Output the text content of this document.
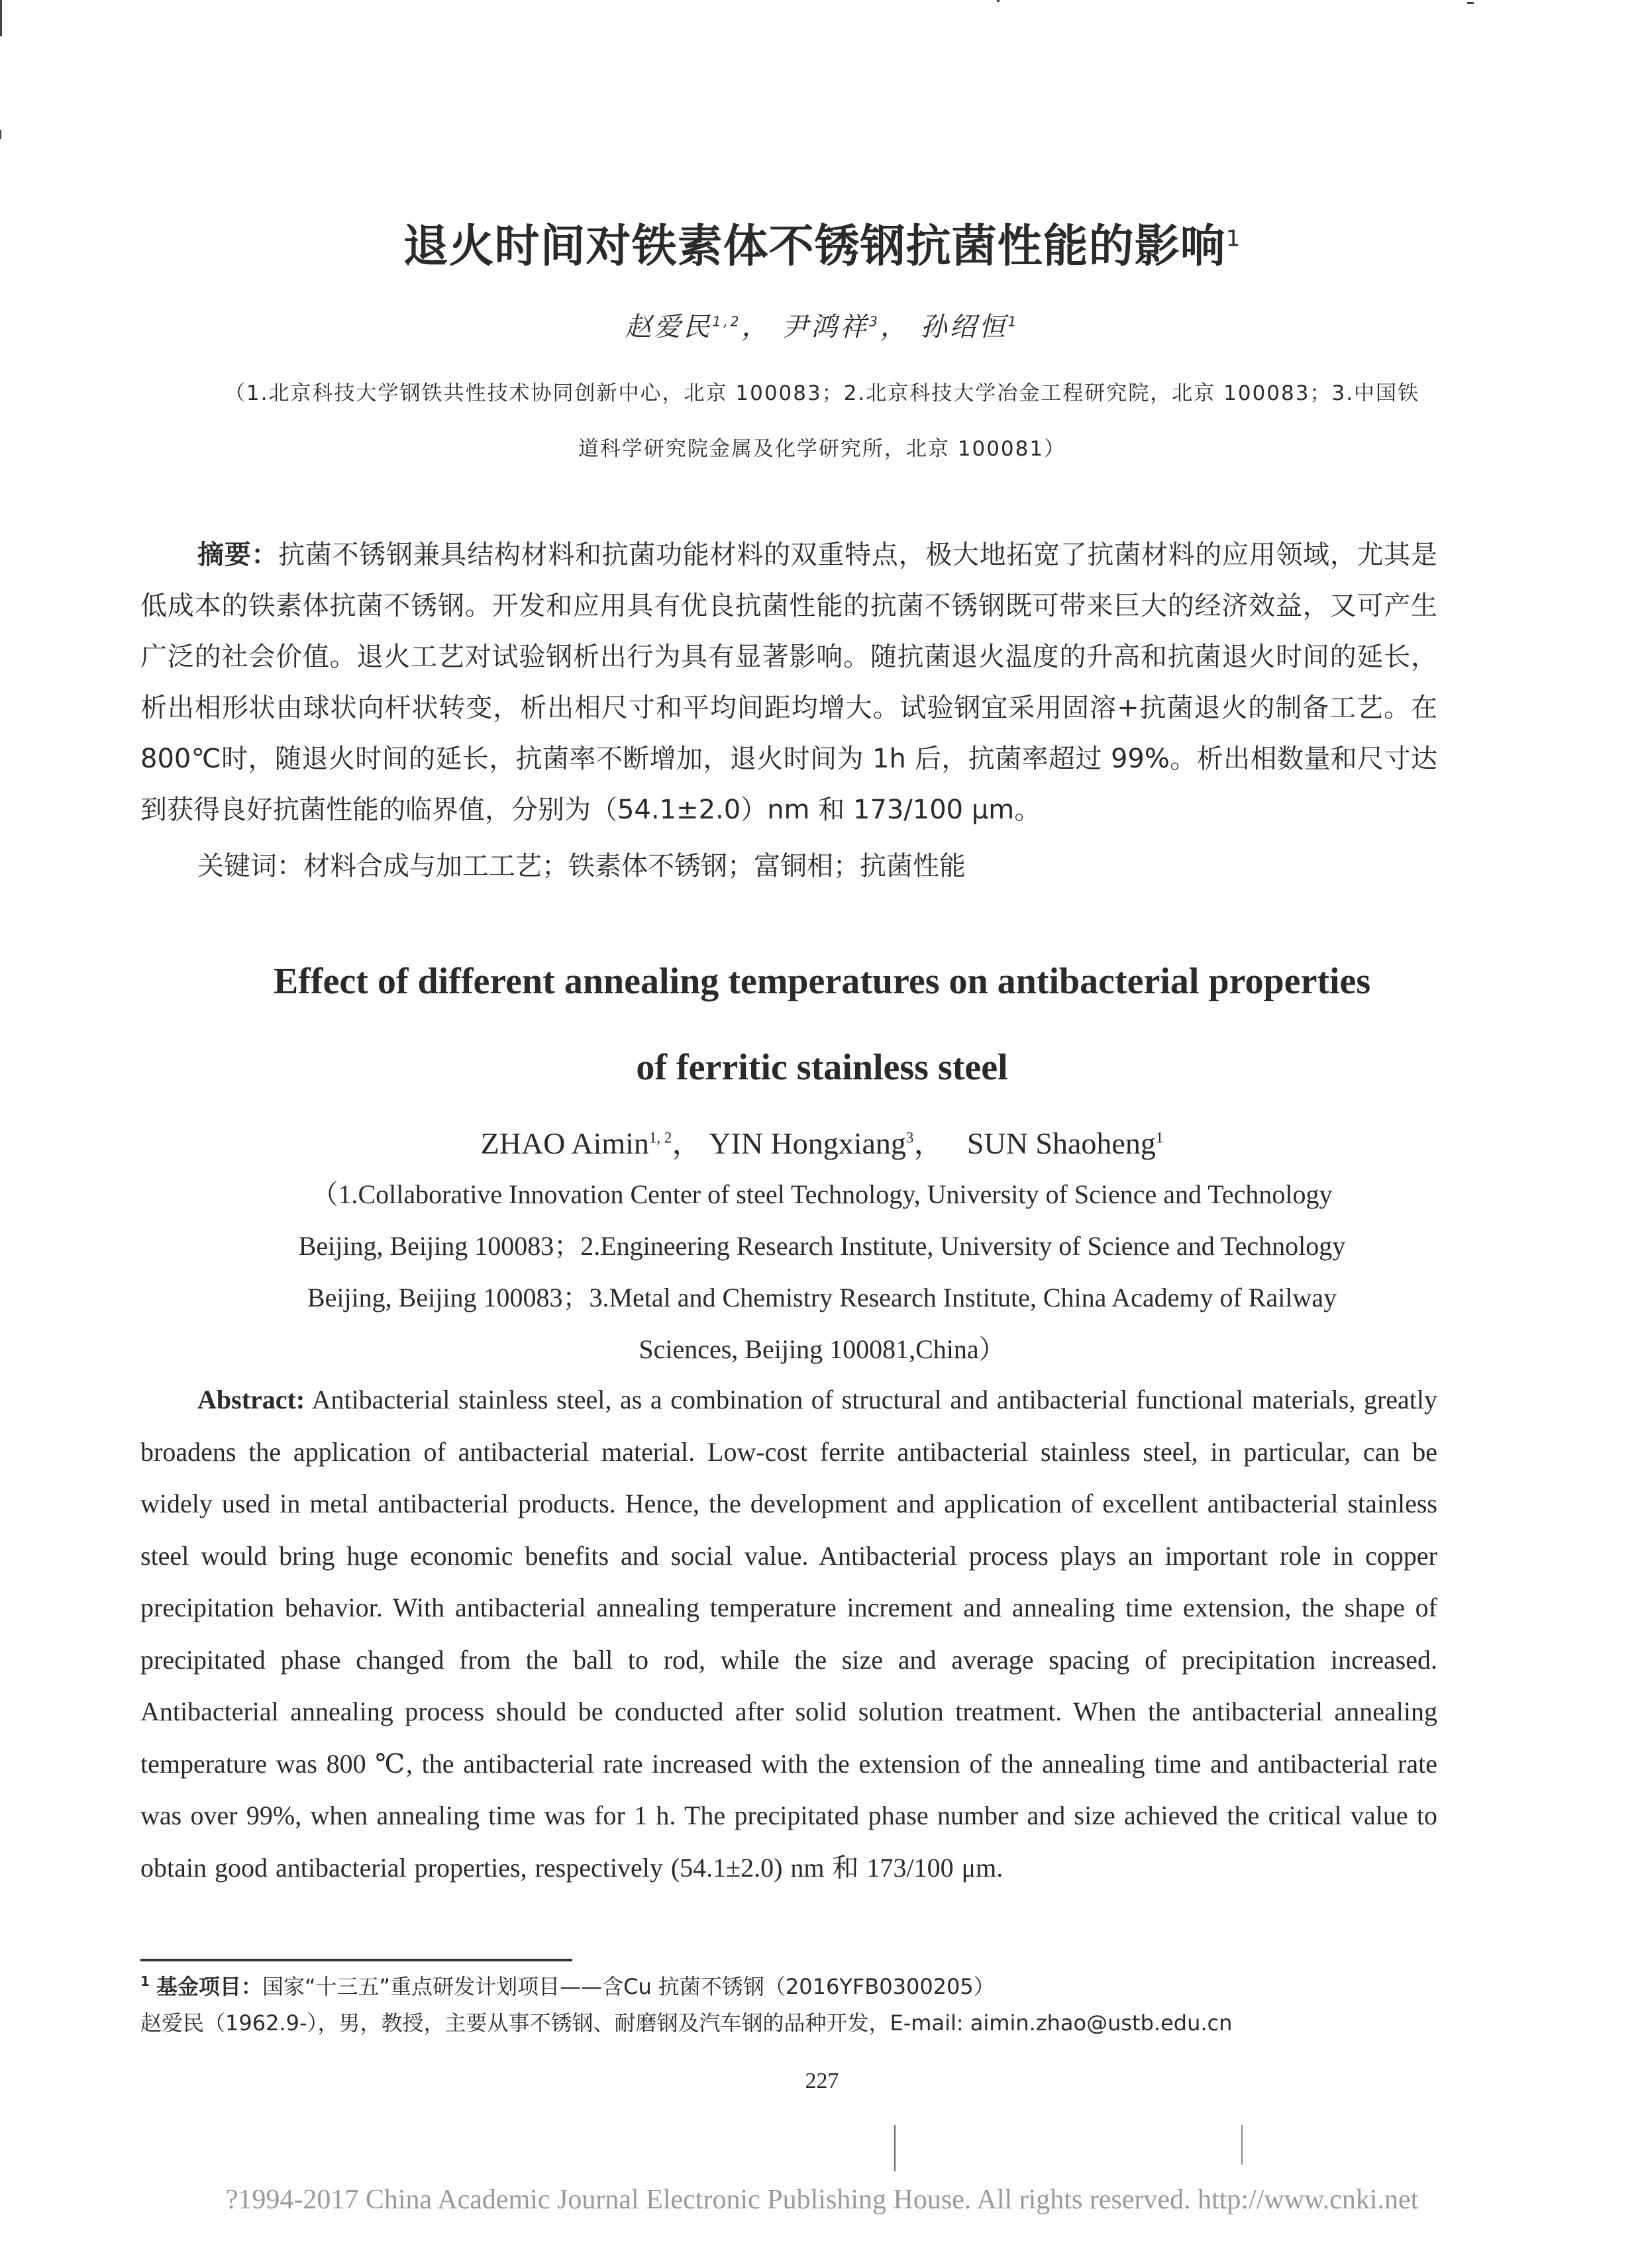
退火时间对铁素体不锈钢抗菌性能的影响$^1$
赵爱民$^{1,2}$， 尹鸿祥$^3$， 孙绍恒$^1$
（1.北京科技大学钢铁共性技术协同创新中心，北京 100083；2.北京科技大学冶金工程研究院，北京 100083；3.中国铁
道科学研究院金属及化学研究所，北京 100081）
摘要：抗菌不锈钢兼具结构材料和抗菌功能材料的双重特点，极大地拓宽了抗菌材料的应用领域，尤其是低成本的铁素体抗菌不锈钢。开发和应用具有优良抗菌性能的抗菌不锈钢既可带来巨大的经济效益，又可产生广泛的社会价值。退火工艺对试验钢析出行为具有显著影响。随抗菌退火温度的升高和抗菌退火时间的延长，析出相形状由球状向杆状转变，析出相尺寸和平均间距均增大。试验钢宜采用固溶+抗菌退火的制备工艺。在 800℃时，随退火时间的延长，抗菌率不断增加，退火时间为 1h 后，抗菌率超过 99%。析出相数量和尺寸达到获得良好抗菌性能的临界值，分别为（54.1±2.0）nm 和 173/100 μm。
关键词：材料合成与加工工艺；铁素体不锈钢；富铜相；抗菌性能
Effect of different annealing temperatures on antibacterial properties
of ferritic stainless steel
ZHAO Aimin$^{1, 2}$， YIN Hongxiang$^3$， SUN Shaoheng$^1$
（1.Collaborative Innovation Center of steel Technology, University of Science and Technology
Beijing, Beijing 100083；2.Engineering Research Institute, University of Science and Technology
Beijing, Beijing 100083；3.Metal and Chemistry Research Institute, China Academy of Railway
Sciences, Beijing 100081,China）
Abstract: Antibacterial stainless steel, as a combination of structural and antibacterial functional materials, greatly broadens the application of antibacterial material. Low-cost ferrite antibacterial stainless steel, in particular, can be widely used in metal antibacterial products. Hence, the development and application of excellent antibacterial stainless steel would bring huge economic benefits and social value. Antibacterial process plays an important role in copper precipitation behavior. With antibacterial annealing temperature increment and annealing time extension, the shape of precipitated phase changed from the ball to rod, while the size and average spacing of precipitation increased. Antibacterial annealing process should be conducted after solid solution treatment. When the antibacterial annealing temperature was 800 ℃, the antibacterial rate increased with the extension of the annealing time and antibacterial rate was over 99%, when annealing time was for 1 h. The precipitated phase number and size achieved the critical value to obtain good antibacterial properties, respectively (54.1±2.0) nm 和 173/100 μm.
$^1$ 基金项目：国家“十三五”重点研发计划项目——含Cu 抗菌不锈钢（2016YFB0300205）
赵爱民（1962.9-），男，教授，主要从事不锈钢、耐磨钢及汽车钢的品种开发，E-mail: aimin.zhao@ustb.edu.cn
227
?1994-2017 China Academic Journal Electronic Publishing House. All rights reserved. http://www.cnki.net
